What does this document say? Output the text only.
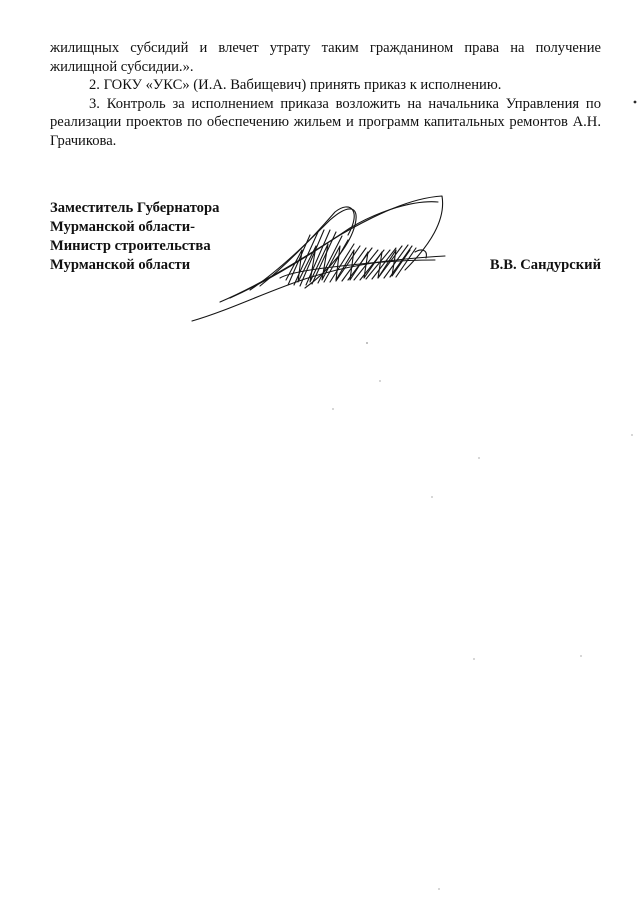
жилищных субсидий и влечет утрату таким гражданином права на получение жилищной субсидии.».

2. ГОКУ «УКС» (И.А. Вабищевич) принять приказ к исполнению.

3. Контроль за исполнением приказа возложить на начальника Управления по реализации проектов по обеспечению жильем и программ капитальных ремонтов А.Н. Грачикова.

Заместитель Губернатора
Мурманской области-
Министр строительства
Мурманской области	В.В. Сандурский
